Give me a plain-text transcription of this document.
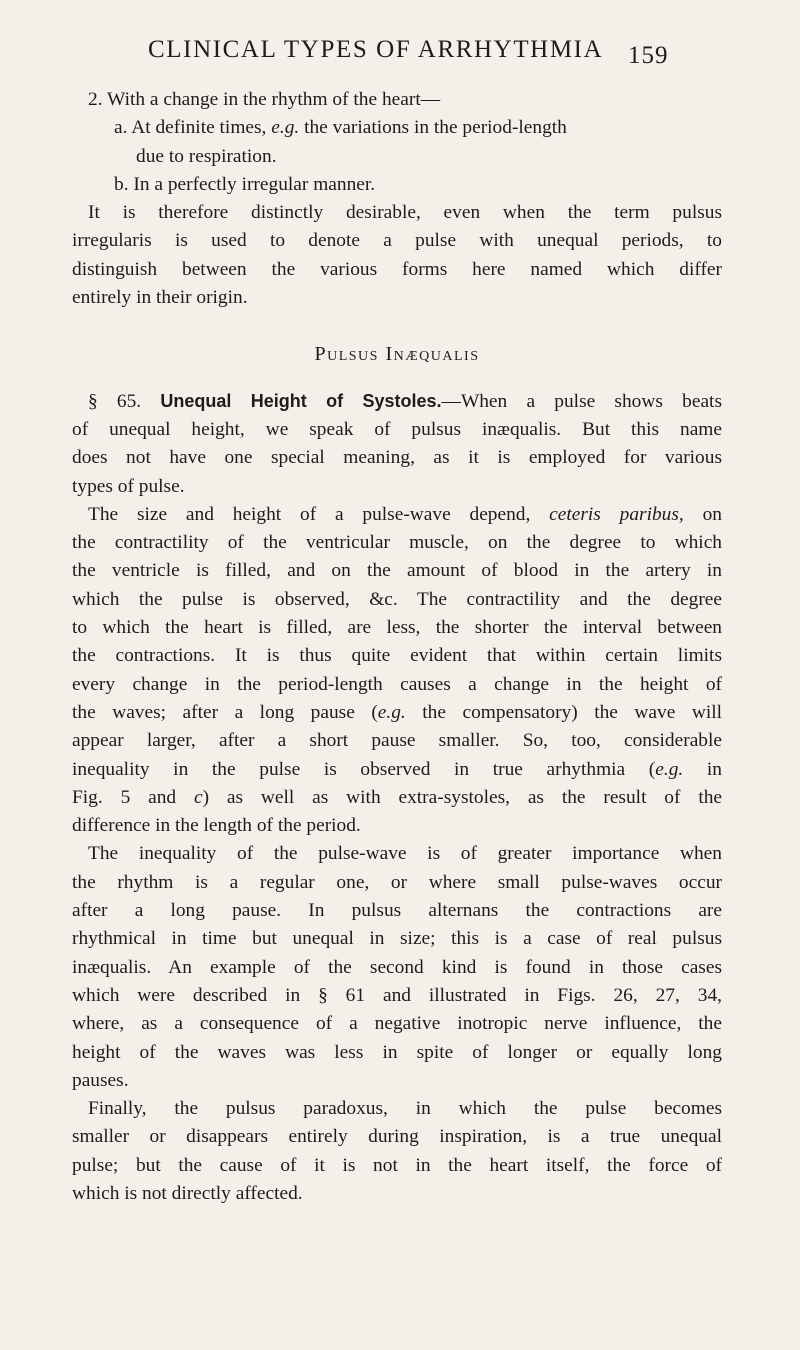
CLINICAL TYPES OF ARRHYTHMIA 159
2. With a change in the rhythm of the heart—
a. At definite times, e.g. the variations in the period-length
due to respiration.
b. In a perfectly irregular manner.
It is therefore distinctly desirable, even when the term pulsus
irregularis is used to denote a pulse with unequal periods, to
distinguish between the various forms here named which differ
entirely in their origin.
Pulsus Inæqualis
§ 65. Unequal Height of Systoles.—When a pulse shows beats
of unequal height, we speak of pulsus inæqualis. But this name
does not have one special meaning, as it is employed for various
types of pulse.
The size and height of a pulse-wave depend, ceteris paribus, on
the contractility of the ventricular muscle, on the degree to which
the ventricle is filled, and on the amount of blood in the artery in
which the pulse is observed, &c. The contractility and the degree
to which the heart is filled, are less, the shorter the interval between
the contractions. It is thus quite evident that within certain limits
every change in the period-length causes a change in the height of
the waves; after a long pause (e.g. the compensatory) the wave will
appear larger, after a short pause smaller. So, too, considerable
inequality in the pulse is observed in true arhythmia (e.g. in
Fig. 5 and c) as well as with extra-systoles, as the result of the
difference in the length of the period.
The inequality of the pulse-wave is of greater importance when
the rhythm is a regular one, or where small pulse-waves occur
after a long pause. In pulsus alternans the contractions are
rhythmical in time but unequal in size; this is a case of real pulsus
inæqualis. An example of the second kind is found in those cases
which were described in § 61 and illustrated in Figs. 26, 27, 34,
where, as a consequence of a negative inotropic nerve influence, the
height of the waves was less in spite of longer or equally long
pauses.
Finally, the pulsus paradoxus, in which the pulse becomes
smaller or disappears entirely during inspiration, is a true unequal
pulse; but the cause of it is not in the heart itself, the force of
which is not directly affected.
